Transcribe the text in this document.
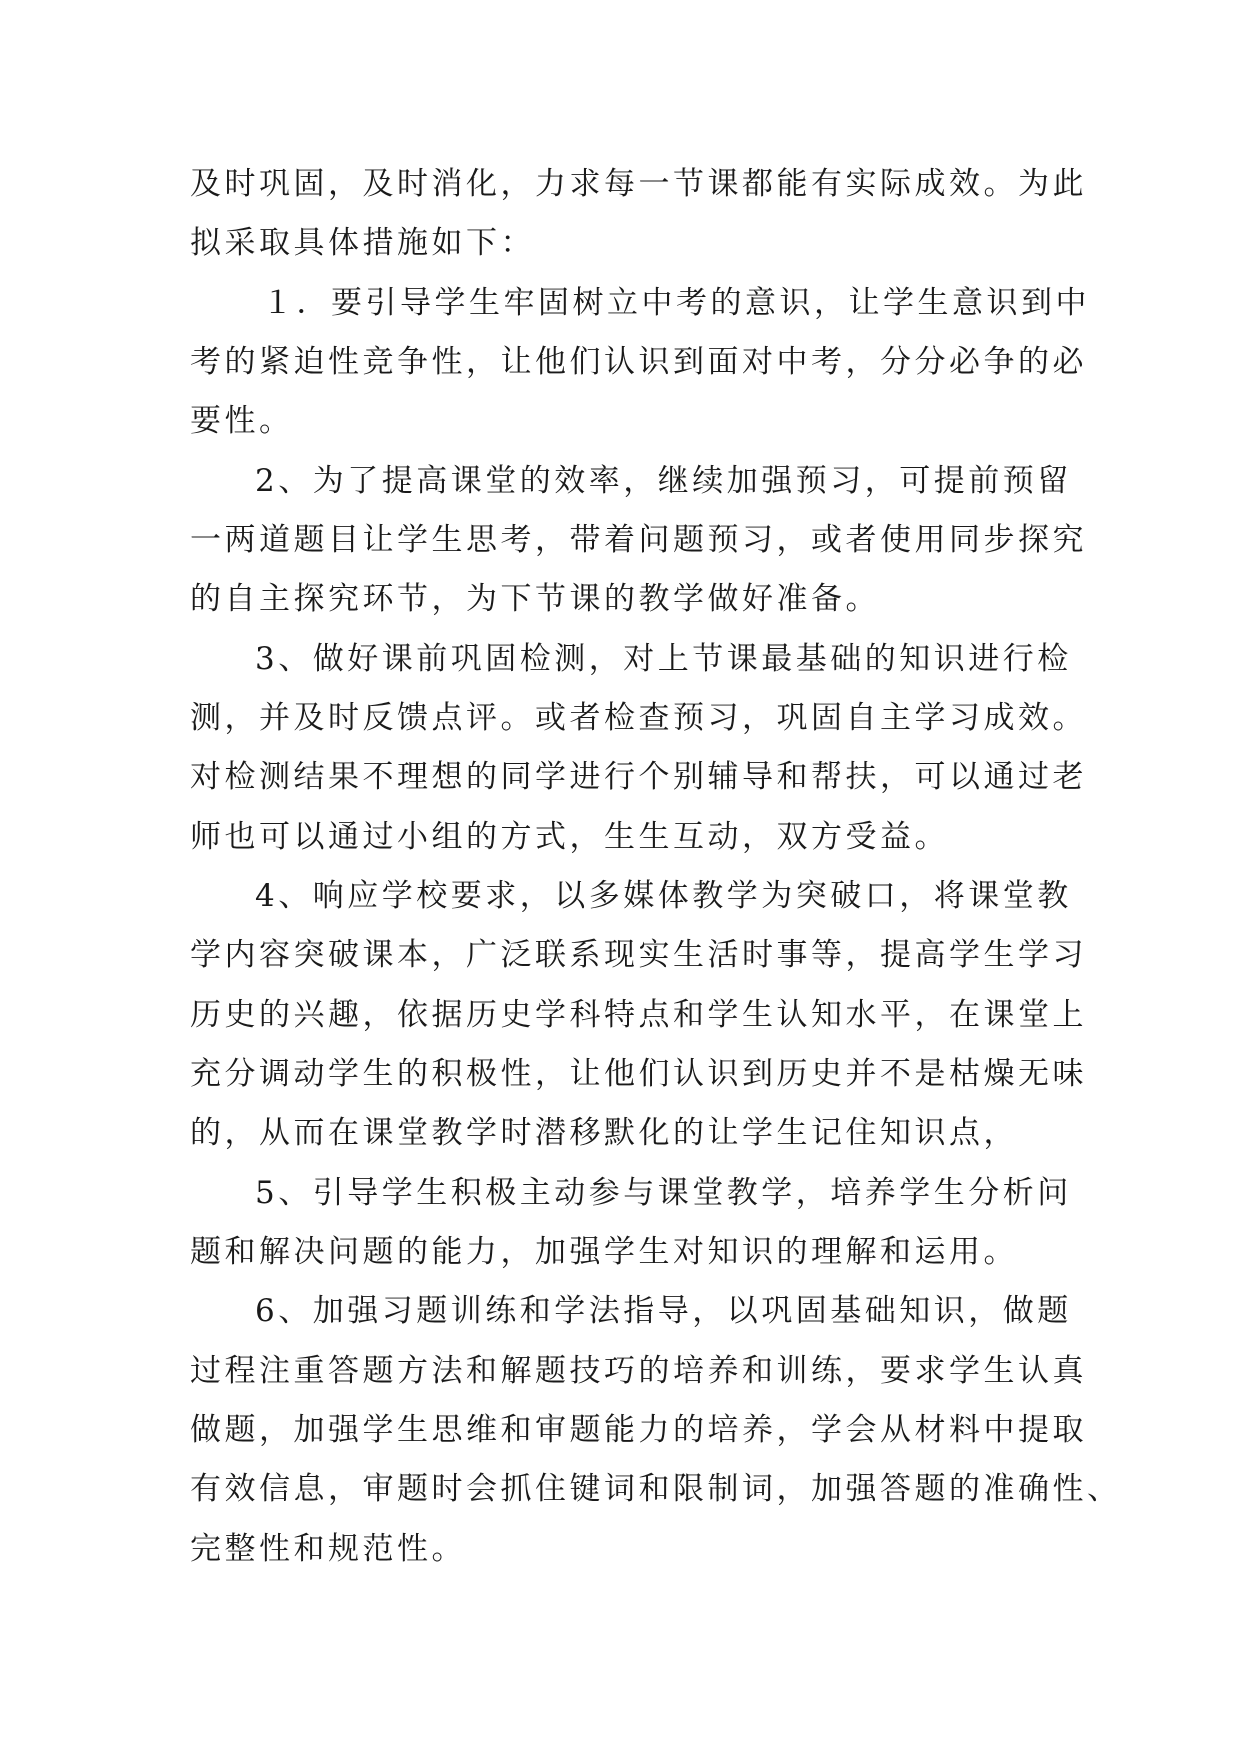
及时巩固，及时消化，力求每一节课都能有实际成效。为此
拟采取具体措施如下：
１．要引导学生牢固树立中考的意识，让学生意识到中
考的紧迫性竞争性，让他们认识到面对中考，分分必争的必
要性。
2、为了提高课堂的效率，继续加强预习，可提前预留
一两道题目让学生思考，带着问题预习，或者使用同步探究
的自主探究环节，为下节课的教学做好准备。
3、做好课前巩固检测，对上节课最基础的知识进行检
测，并及时反馈点评。或者检查预习，巩固自主学习成效。
对检测结果不理想的同学进行个别辅导和帮扶，可以通过老
师也可以通过小组的方式，生生互动，双方受益。
4、响应学校要求，以多媒体教学为突破口，将课堂教
学内容突破课本，广泛联系现实生活时事等，提高学生学习
历史的兴趣，依据历史学科特点和学生认知水平，在课堂上
充分调动学生的积极性，让他们认识到历史并不是枯燥无味
的，从而在课堂教学时潜移默化的让学生记住知识点，
5、引导学生积极主动参与课堂教学，培养学生分析问
题和解决问题的能力，加强学生对知识的理解和运用。
6、加强习题训练和学法指导，以巩固基础知识，做题
过程注重答题方法和解题技巧的培养和训练，要求学生认真
做题，加强学生思维和审题能力的培养，学会从材料中提取
有效信息，审题时会抓住键词和限制词，加强答题的准确性、
完整性和规范性。
